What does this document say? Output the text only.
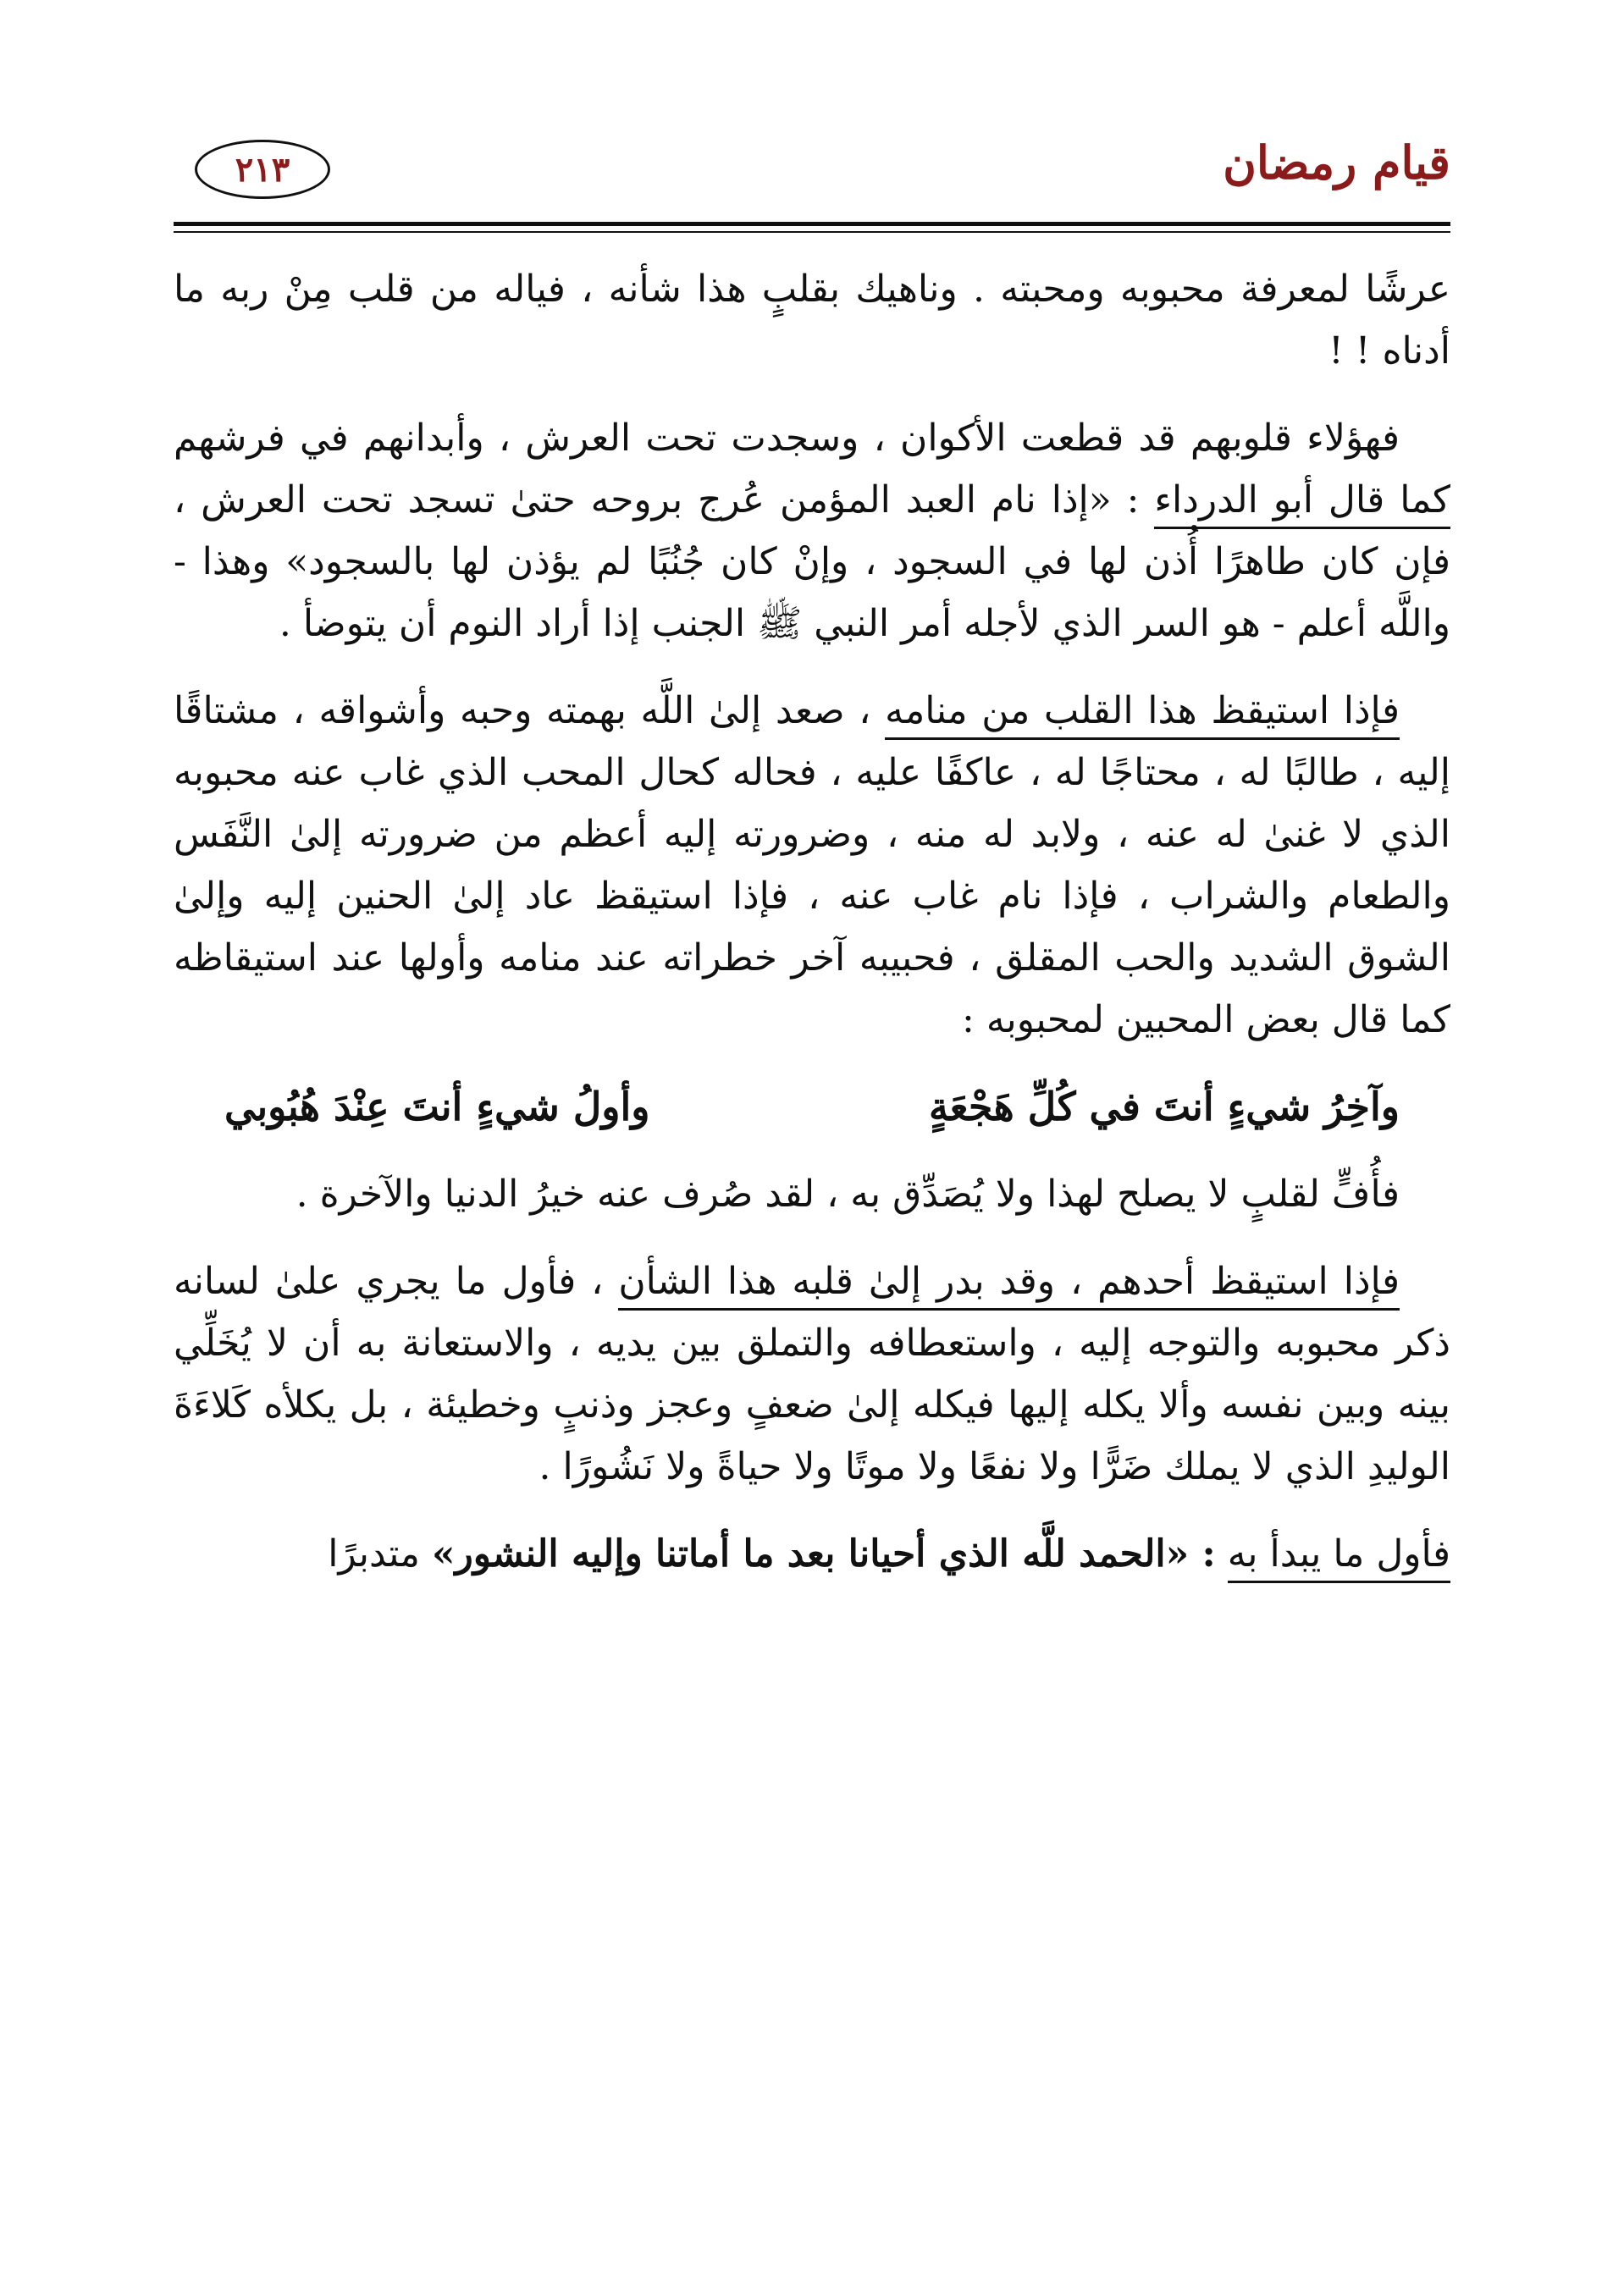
قيام رمضان
٢١٣

عرشًا لمعرفة محبوبه ومحبته . وناهيك بقلبٍ هذا شأنه ، فياله من قلب مِنْ ربه ما أدناه ! !

فهؤلاء قلوبهم قد قطعت الأكوان ، وسجدت تحت العرش ، وأبدانهم في فرشهم كما قال أبو الدرداء : «إذا نام العبد المؤمن عُرج بروحه حتىٰ تسجد تحت العرش ، فإن كان طاهرًا أُذن لها في السجود ، وإنْ كان جُنُبًا لم يؤذن لها بالسجود» وهذا - واللَّه أعلم - هو السر الذي لأجله أمر النبي ﷺ الجنب إذا أراد النوم أن يتوضأ .

فإذا استيقظ هذا القلب من منامه ، صعد إلىٰ اللَّه بهمته وحبه وأشواقه ، مشتاقًا إليه ، طالبًا له ، محتاجًا له ، عاكفًا عليه ، فحاله كحال المحب الذي غاب عنه محبوبه الذي لا غنىٰ له عنه ، ولابد له منه ، وضرورته إليه أعظم من ضرورته إلىٰ النَّفَس والطعام والشراب ، فإذا نام غاب عنه ، فإذا استيقظ عاد إلىٰ الحنين إليه وإلىٰ الشوق الشديد والحب المقلق ، فحبيبه آخر خطراته عند منامه وأولها عند استيقاظه كما قال بعض المحبين لمحبوبه :

وآخِرُ شيءٍ أنتَ في كُلِّ هَجْعَةٍ
وأولُ شيءٍ أنتَ عِنْدَ هُبُوبي

فأُفٍّ لقلبٍ لا يصلح لهذا ولا يُصَدِّق به ، لقد صُرف عنه خيرُ الدنيا والآخرة .

فإذا استيقظ أحدهم ، وقد بدر إلىٰ قلبه هذا الشأن ، فأول ما يجري علىٰ لسانه ذكر محبوبه والتوجه إليه ، واستعطافه والتملق بين يديه ، والاستعانة به أن لا يُخَلِّي بينه وبين نفسه وألا يكله إليها فيكله إلىٰ ضعفٍ وعجز وذنبٍ وخطيئة ، بل يكلأه كَلاءَةَ الوليدِ الذي لا يملك ضَرًّا ولا نفعًا ولا موتًا ولا حياةً ولا نَشُورًا .

فأول ما يبدأ به : «الحمد للَّه الذي أحيانا بعد ما أماتنا وإليه النشور» متدبرًا
